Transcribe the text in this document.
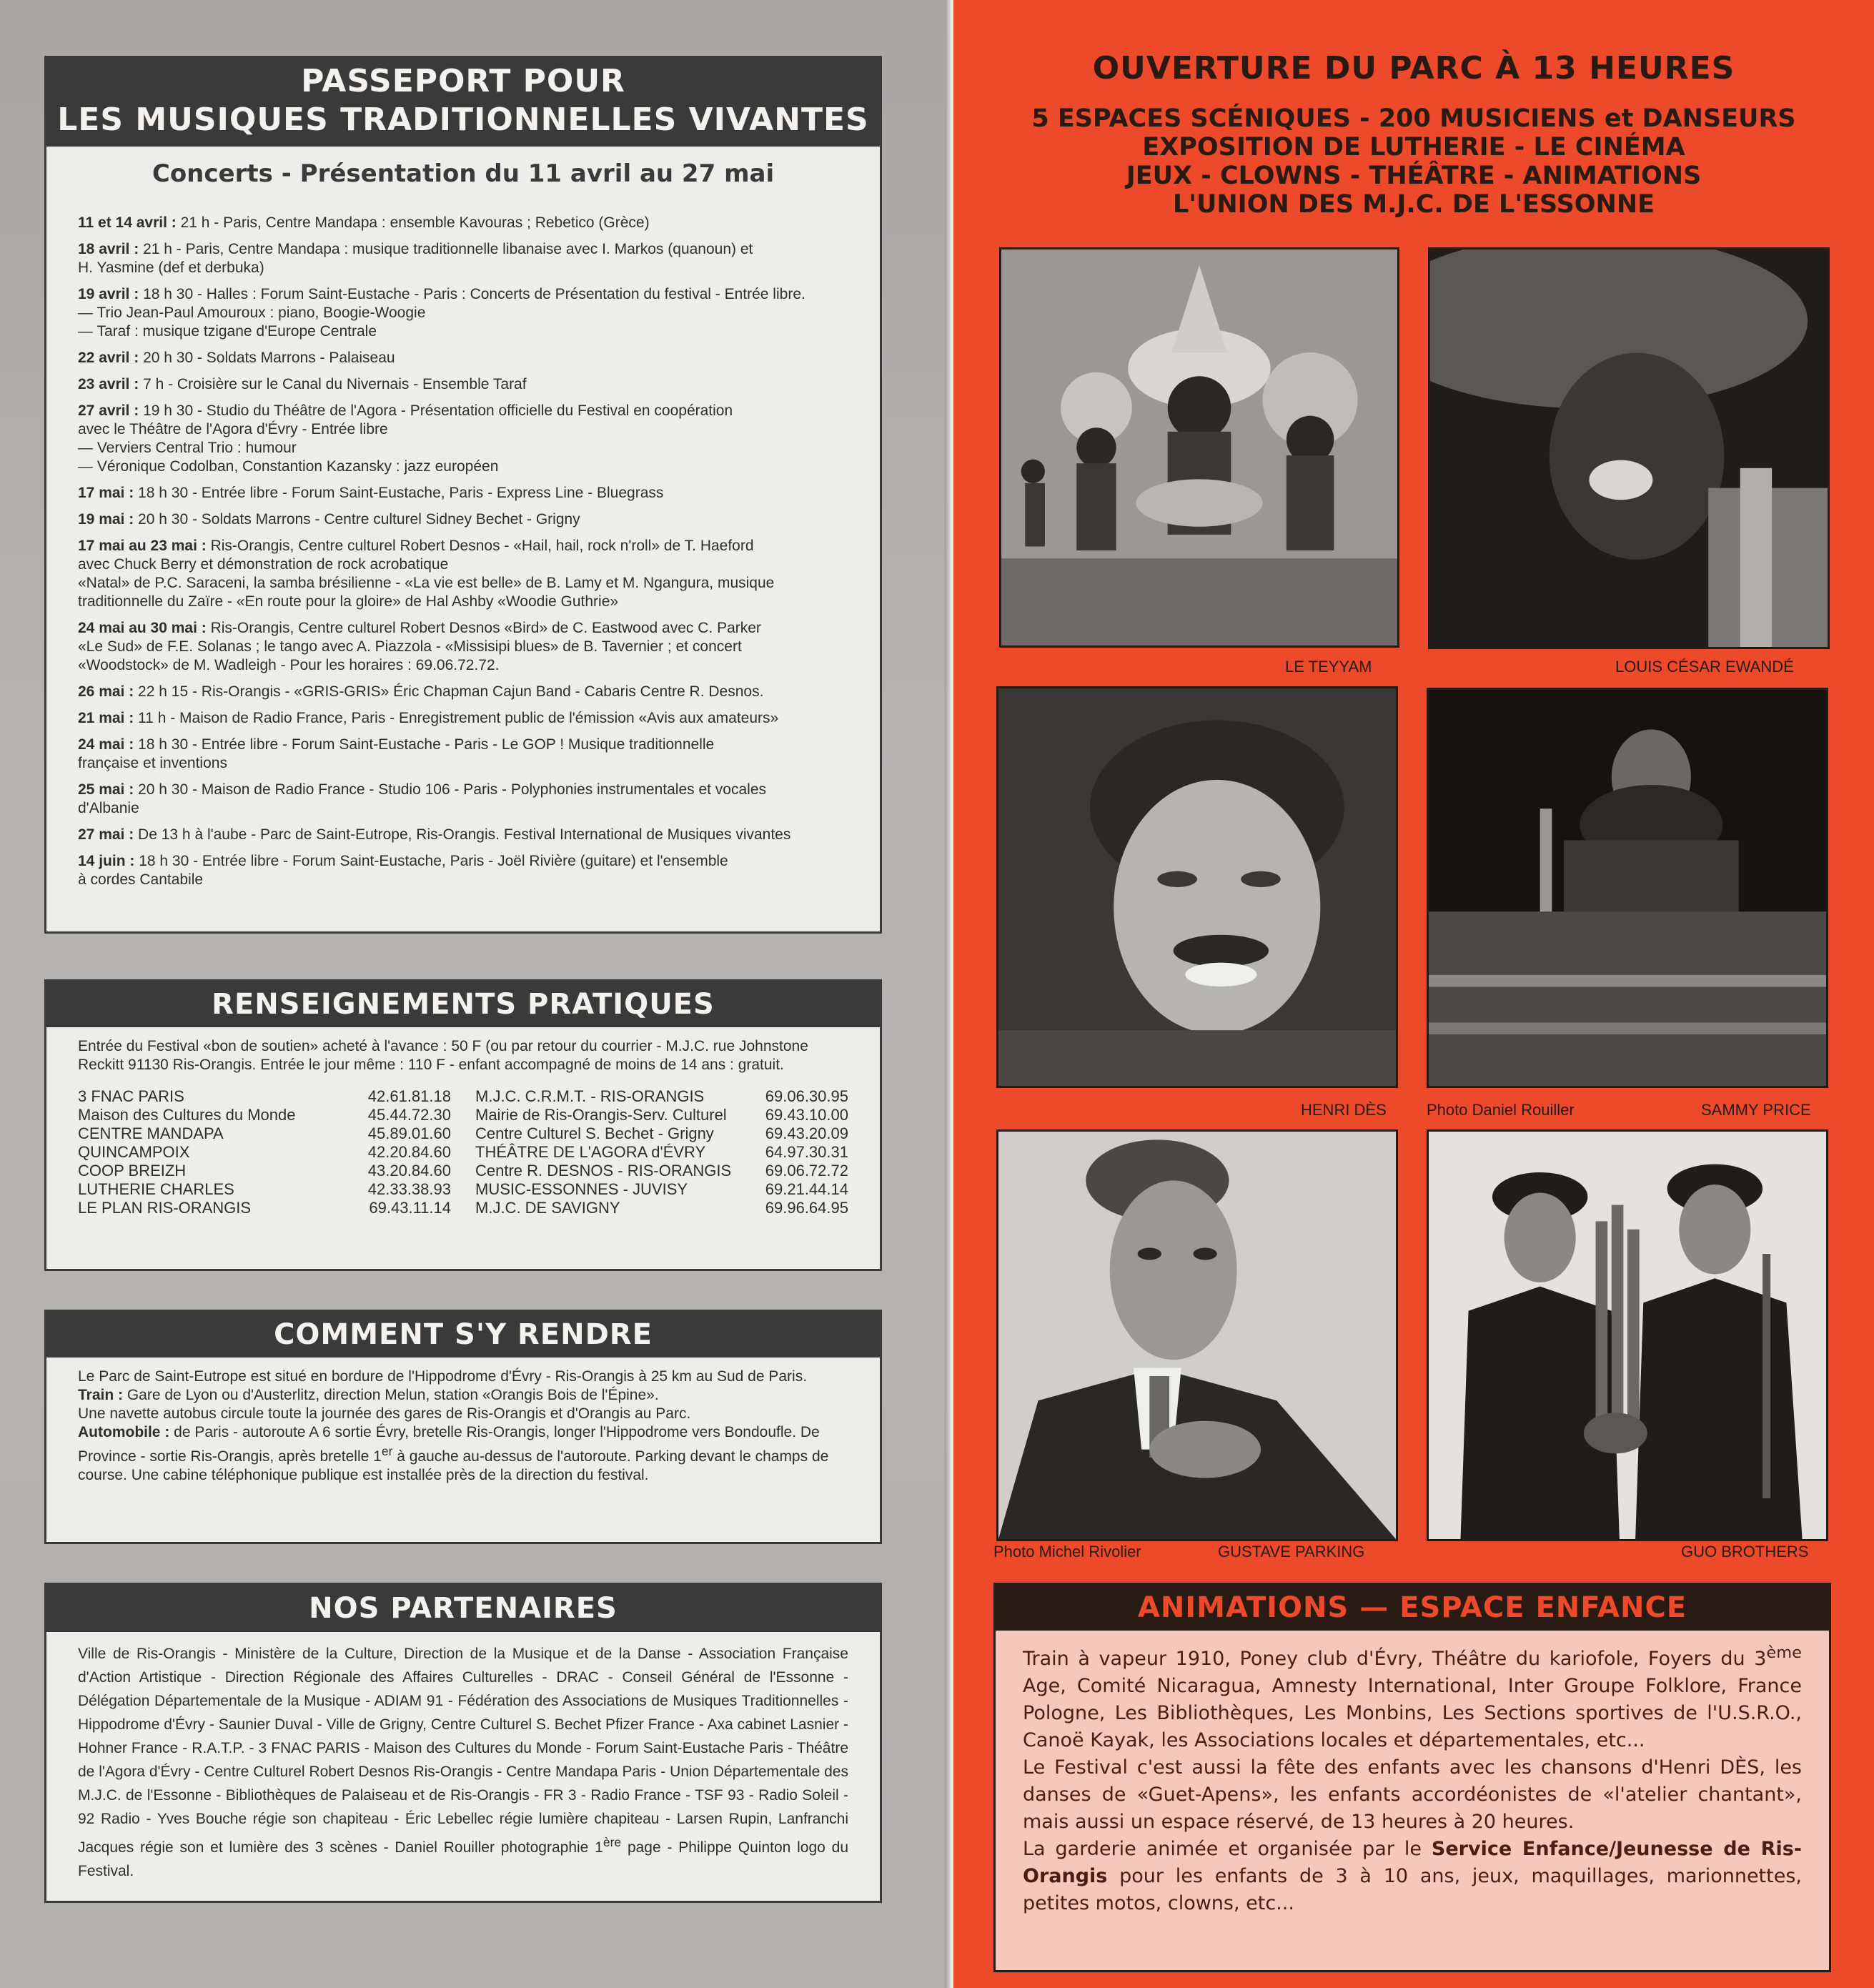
PASSEPORT POUR
LES MUSIQUES TRADITIONNELLES VIVANTES
Concerts - Présentation du 11 avril au 27 mai
11 et 14 avril : 21 h - Paris, Centre Mandapa : ensemble Kavouras ; Rebetico (Grèce)
18 avril : 21 h - Paris, Centre Mandapa : musique traditionnelle libanaise avec I. Markos (quanoun) et
H. Yasmine (def et derbuka)
19 avril : 18 h 30 - Halles : Forum Saint-Eustache - Paris : Concerts de Présentation du festival - Entrée libre.
— Trio Jean-Paul Amouroux : piano, Boogie-Woogie
— Taraf : musique tzigane d'Europe Centrale
22 avril : 20 h 30 - Soldats Marrons - Palaiseau
23 avril : 7 h - Croisière sur le Canal du Nivernais - Ensemble Taraf
27 avril : 19 h 30 - Studio du Théâtre de l'Agora - Présentation officielle du Festival en coopération
avec le Théâtre de l'Agora d'Évry - Entrée libre
— Verviers Central Trio : humour
— Véronique Codolban, Constantion Kazansky : jazz européen
17 mai : 18 h 30 - Entrée libre - Forum Saint-Eustache, Paris - Express Line - Bluegrass
19 mai : 20 h 30 - Soldats Marrons - Centre culturel Sidney Bechet - Grigny
17 mai au 23 mai : Ris-Orangis, Centre culturel Robert Desnos - «Hail, hail, rock n'roll» de T. Haeford
avec Chuck Berry et démonstration de rock acrobatique
«Natal» de P.C. Saraceni, la samba brésilienne - «La vie est belle» de B. Lamy et M. Ngangura, musique
traditionnelle du Zaïre - «En route pour la gloire» de Hal Ashby «Woodie Guthrie»
24 mai au 30 mai : Ris-Orangis, Centre culturel Robert Desnos «Bird» de C. Eastwood avec C. Parker
«Le Sud» de F.E. Solanas ; le tango avec A. Piazzola - «Missisipi blues» de B. Tavernier ; et concert
«Woodstock» de M. Wadleigh - Pour les horaires : 69.06.72.72.
26 mai : 22 h 15 - Ris-Orangis - «GRIS-GRIS» Éric Chapman Cajun Band - Cabaris Centre R. Desnos.
21 mai : 11 h - Maison de Radio France, Paris - Enregistrement public de l'émission «Avis aux amateurs»
24 mai : 18 h 30 - Entrée libre - Forum Saint-Eustache - Paris - Le GOP ! Musique traditionnelle
française et inventions
25 mai : 20 h 30 - Maison de Radio France - Studio 106 - Paris - Polyphonies instrumentales et vocales
d'Albanie
27 mai : De 13 h à l'aube - Parc de Saint-Eutrope, Ris-Orangis. Festival International de Musiques vivantes
14 juin : 18 h 30 - Entrée libre - Forum Saint-Eustache, Paris - Joël Rivière (guitare) et l'ensemble
à cordes Cantabile
RENSEIGNEMENTS PRATIQUES

Entrée du Festival «bon de soutien» acheté à l'avance : 50 F (ou par retour du courrier - M.J.C. rue Johnstone Reckitt 91130 Ris-Orangis. Entrée le jour même : 110 F - enfant accompagné de moins de 14 ans : gratuit.

3 FNAC PARIS	42.61.81.18
Maison des Cultures du Monde	45.44.72.30
CENTRE MANDAPA	45.89.01.60
QUINCAMPOIX	42.20.84.60
COOP BREIZH	43.20.84.60
LUTHERIE CHARLES	42.33.38.93
LE PLAN RIS-ORANGIS	69.43.11.14
M.J.C. C.R.M.T. - RIS-ORANGIS	69.06.30.95
Mairie de Ris-Orangis-Serv. Culturel 69.43.10.00
Centre Culturel S. Bechet - Grigny	69.43.20.09
THÉÂTRE DE L'AGORA d'ÉVRY	64.97.30.31
Centre R. DESNOS - RIS-ORANGIS 69.06.72.72
MUSIC-ESSONNES - JUVISY	69.21.44.14
M.J.C. DE SAVIGNY	69.96.64.95
COMMENT S'Y RENDRE

Le Parc de Saint-Eutrope est situé en bordure de l'Hippodrome d'Évry - Ris-Orangis à 25 km au Sud de Paris.

Train : Gare de Lyon ou d'Austerlitz, direction Melun, station «Orangis Bois de l'Épine».

Une navette autobus circule toute la journée des gares de Ris-Orangis et d'Orangis au Parc.

Automobile : de Paris - autoroute A 6 sortie Évry, bretelle Ris-Orangis, longer l'Hippodrome vers Bondoufle. De Province - sortie Ris-Orangis, après bretelle 1er à gauche au-dessus de l'autoroute. Parking devant le champs de course. Une cabine téléphonique publique est installée près de la direction du festival.

NOS PARTENAIRES

Ville de Ris-Orangis - Ministère de la Culture, Direction de la Musique et de la Danse - Association Française d'Action Artistique - Direction Régionale des Affaires Culturelles - DRAC - Conseil Général de l'Essonne - Délégation Départementale de la Musique - ADIAM 91 - Fédération des Associations de Musiques Traditionnelles - Hippodrome d'Évry - Saunier Duval - Ville de Grigny, Centre Culturel S. Bechet Pfizer France - Axa cabinet Lasnier - Hohner France - R.A.T.P. - 3 FNAC PARIS - Maison des Cultures du Monde - Forum Saint-Eustache Paris - Théâtre de l'Agora d'Évry - Centre Culturel Robert Desnos Ris-Orangis - Centre Mandapa Paris - Union Départementale des M.J.C. de l'Essonne - Bibliothèques de Palaiseau et de Ris-Orangis - FR 3 - Radio France - TSF 93 - Radio Soleil - 92 Radio - Yves Bouche régie son chapiteau - Éric Lebellec régie lumière chapiteau - Larsen Rupin, Lanfranchi Jacques régie son et lumière des 3 scènes - Daniel Rouiller photographie 1ère page - Philippe Quinton logo du Festival.

OUVERTURE DU PARC À 13 HEURES
5 ESPACES SCÉNIQUES - 200 MUSICIENS et DANSEURS
EXPOSITION DE LUTHERIE - LE CINÉMA
JEUX - CLOWNS - THÉÂTRE - ANIMATIONS
L'UNION DES M.J.C. DE L'ESSONNE
LE TEYYAM	LOUIS CÉSAR EWANDÉ
HENRI DÈS	Photo Daniel Rouiller	SAMMY PRICE
Photo Michel Rivolier	GUSTAVE PARKING	GUO BROTHERS
ANIMATIONS — ESPACE ENFANCE

Train à vapeur 1910, Poney club d'Évry, Théâtre du kariofole, Foyers du 3ème Age, Comité Nicaragua, Amnesty International, Inter Groupe Folklore, France Pologne, Les Bibliothèques, Les Monbins, Les Sections sportives de l'U.S.R.O., Canoë Kayak, les Associations locales et départementales, etc...

Le Festival c'est aussi la fête des enfants avec les chansons d'Henri DÈS, les danses de «Guet-Apens», les enfants accordéonistes de «l'atelier chantant», mais aussi un espace réservé, de 13 heures à 20 heures.

La garderie animée et organisée par le Service Enfance/Jeunesse de Ris-Orangis pour les enfants de 3 à 10 ans, jeux, maquillages, marionnettes, petites motos, clowns, etc...
